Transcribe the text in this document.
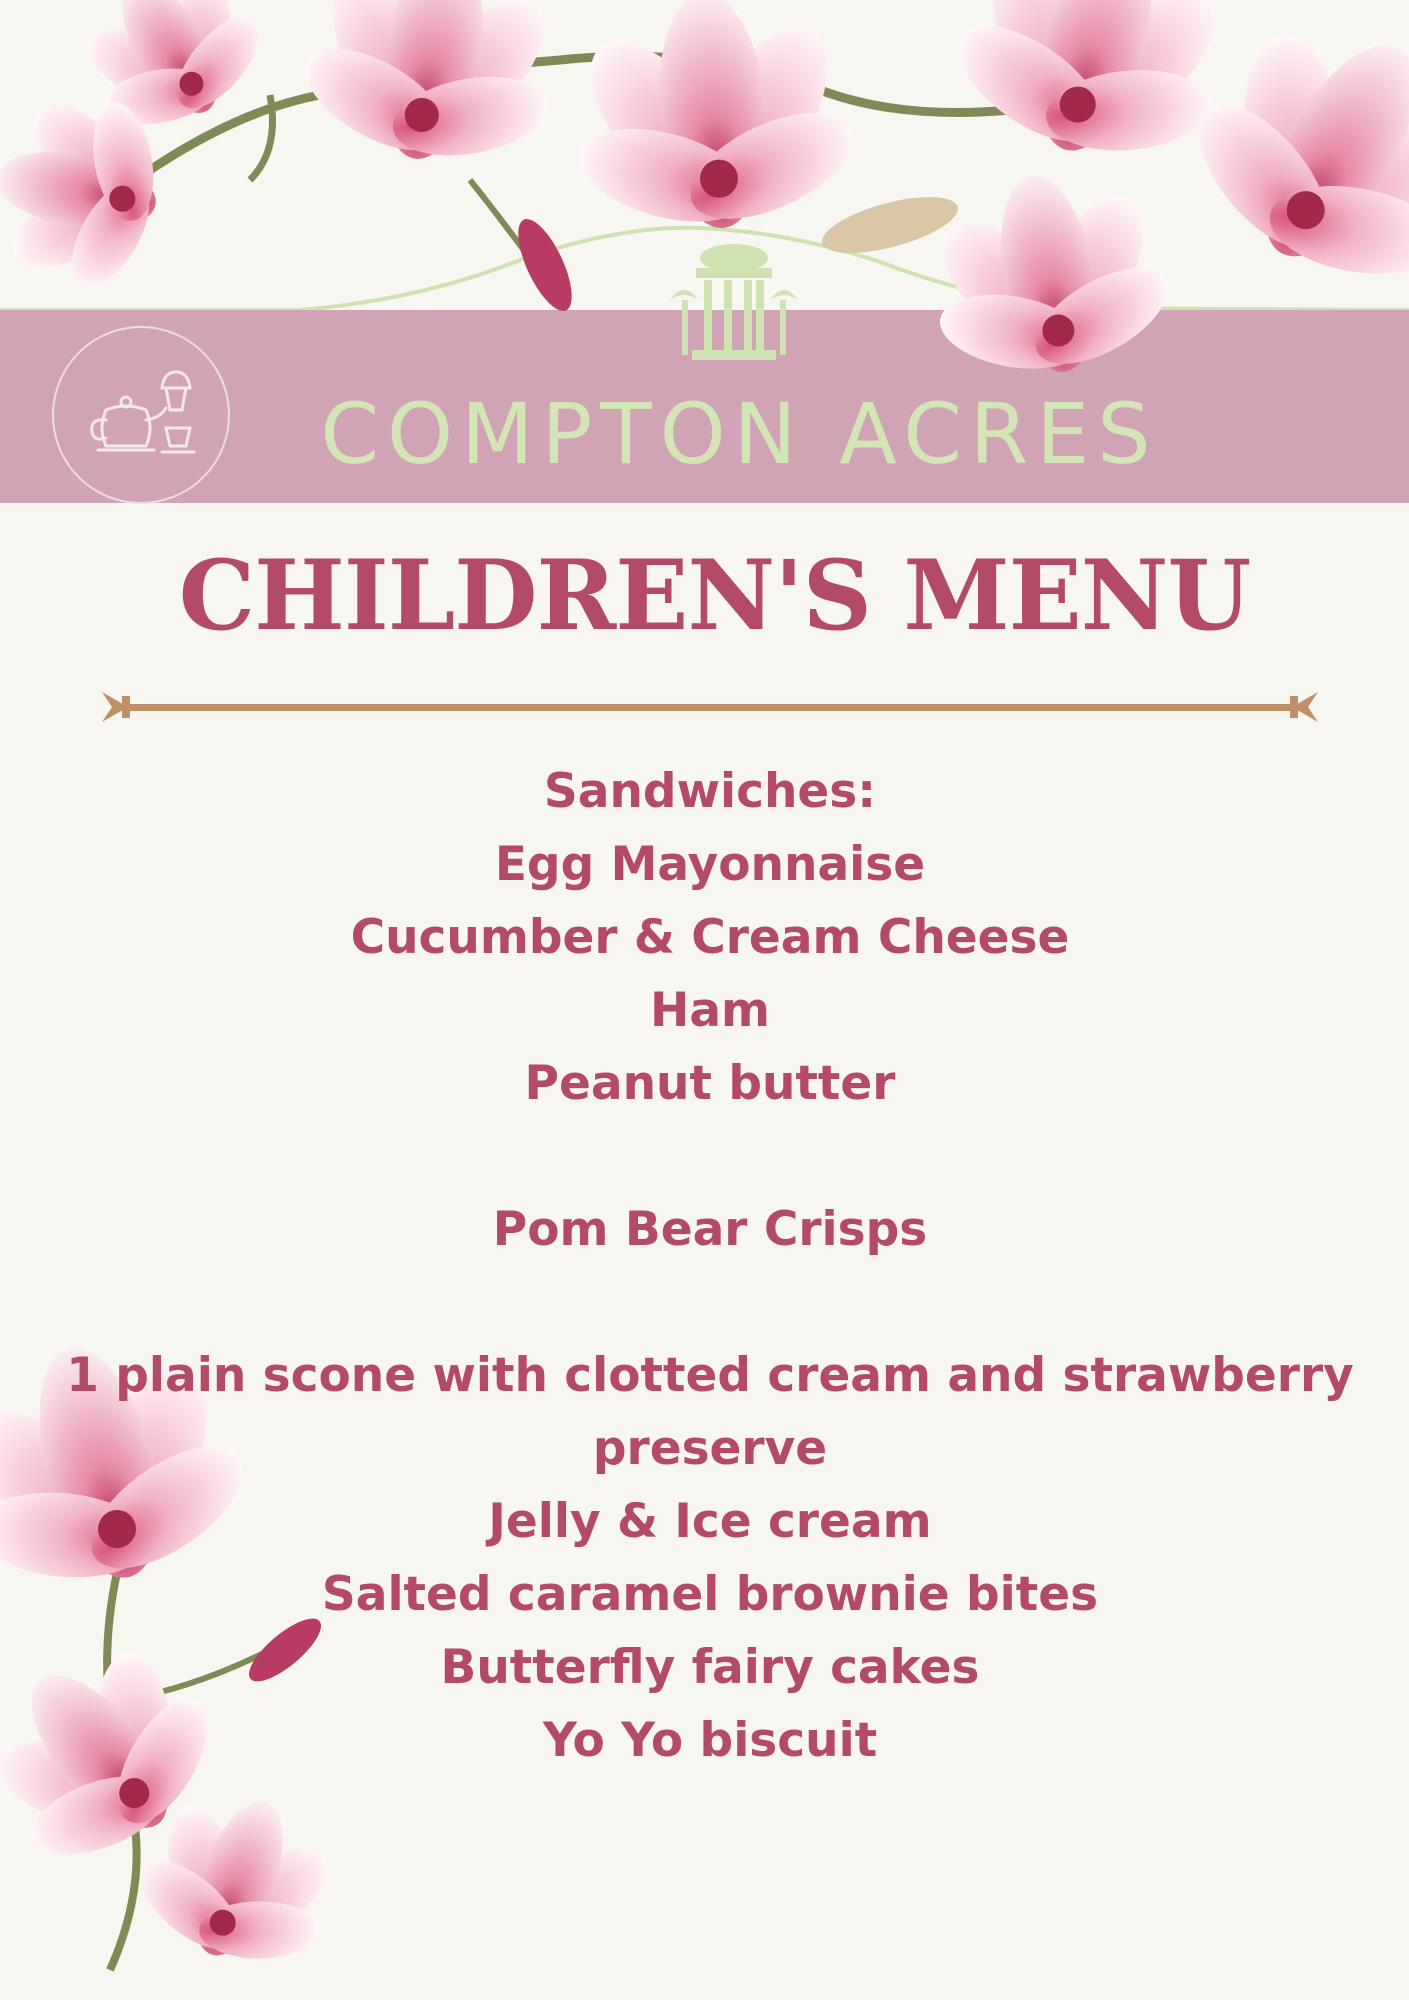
COMPTON ACRES
CHILDREN'S MENU
Sandwiches:
Egg Mayonnaise
Cucumber & Cream Cheese
Ham
Peanut butter
Pom Bear Crisps
1 plain scone with clotted cream and strawberry preserve
Jelly & Ice cream
Salted caramel brownie bites
Butterfly fairy cakes
Yo Yo biscuit
